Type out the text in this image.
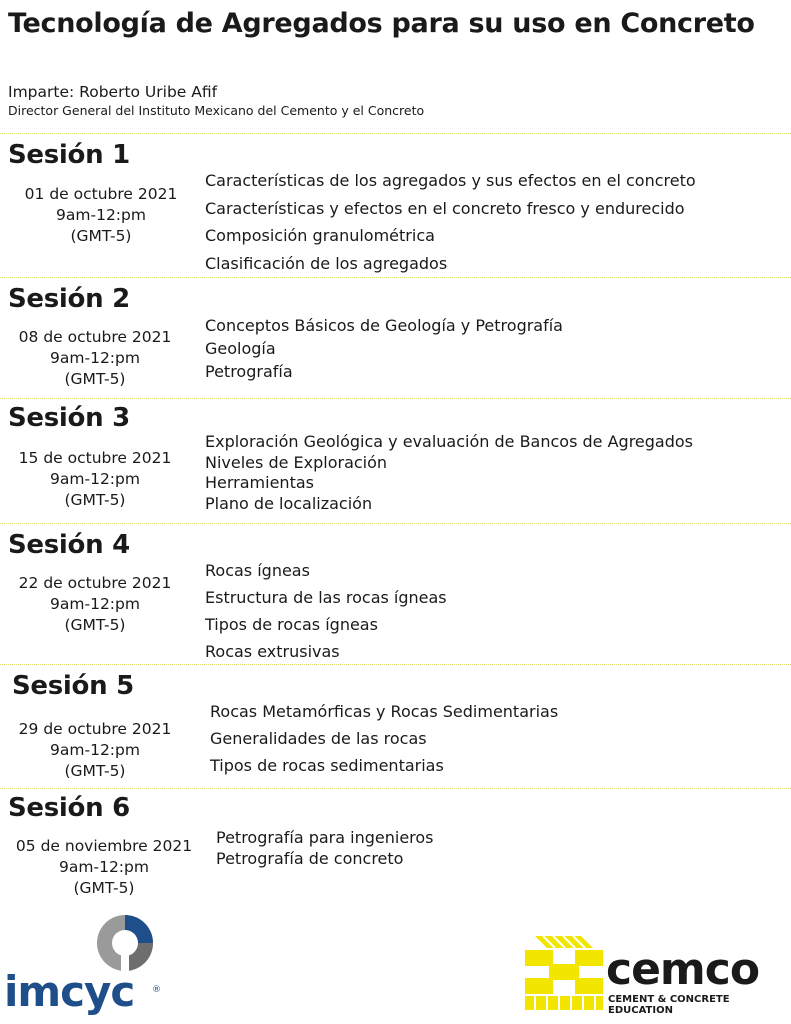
Tecnología de Agregados para su uso en Concreto
Imparte: Roberto Uribe Afif
Director General del Instituto Mexicano del Cemento y el Concreto
Sesión 1
01 de octubre 2021
9am-12:pm
(GMT-5)
Características de los agregados y sus efectos en el concreto
Características y efectos en el concreto fresco y endurecido
Composición granulométrica
Clasificación de los agregados
Sesión 2
08 de octubre 2021
9am-12:pm
(GMT-5)
Conceptos Básicos de Geología y Petrografía
Geología
Petrografía
Sesión 3
15 de octubre 2021
9am-12:pm
(GMT-5)
Exploración Geológica y evaluación de Bancos de Agregados
Niveles de Exploración
Herramientas
Plano de localización
Sesión 4
22 de octubre 2021
9am-12:pm
(GMT-5)
Rocas ígneas
Estructura de las rocas ígneas
Tipos de rocas ígneas
Rocas extrusivas
Sesión 5
29 de octubre 2021
9am-12:pm
(GMT-5)
Rocas Metamórficas y Rocas Sedimentarias
Generalidades de las rocas
Tipos de rocas sedimentarias
Sesión 6
05 de noviembre 2021
9am-12:pm
(GMT-5)
Petrografía para ingenieros
Petrografía de concreto
imcyc ®	cemco
CEMENT & CONCRETE
EDUCATION
